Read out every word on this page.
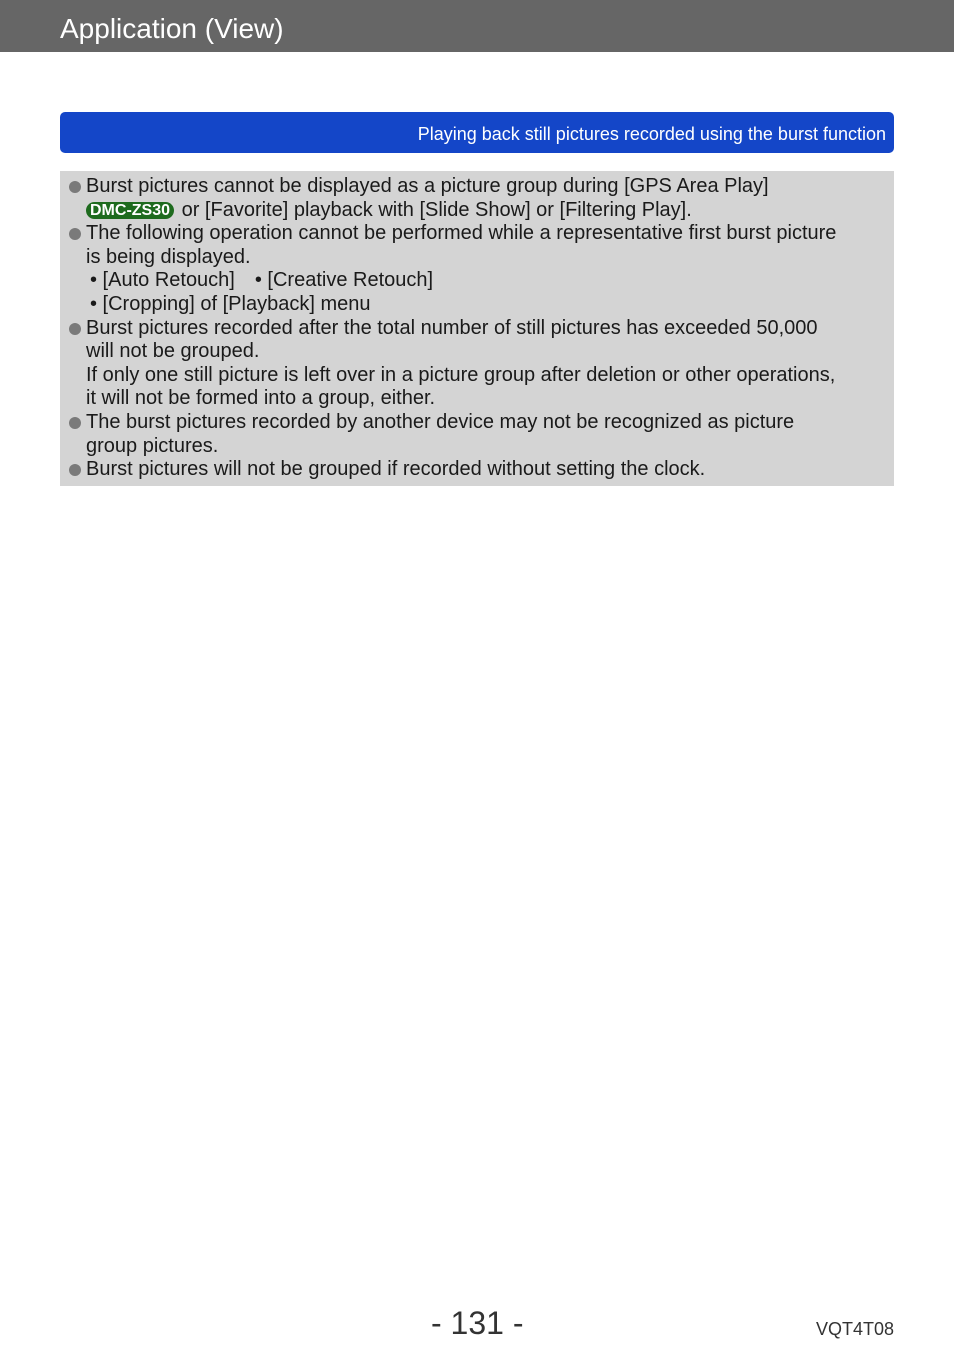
Application (View)
Playing back still pictures recorded using the burst function
Burst pictures cannot be displayed as a picture group during [GPS Area Play]
DMC-ZS30 or [Favorite] playback with [Slide Show] or [Filtering Play].
The following operation cannot be performed while a representative first burst picture
is being displayed.
• [Auto Retouch] • [Creative Retouch]
• [Cropping] of [Playback] menu
Burst pictures recorded after the total number of still pictures has exceeded 50,000
will not be grouped.
If only one still picture is left over in a picture group after deletion or other operations,
it will not be formed into a group, either.
The burst pictures recorded by another device may not be recognized as picture
group pictures.
Burst pictures will not be grouped if recorded without setting the clock.
- 131 -	VQT4T08
